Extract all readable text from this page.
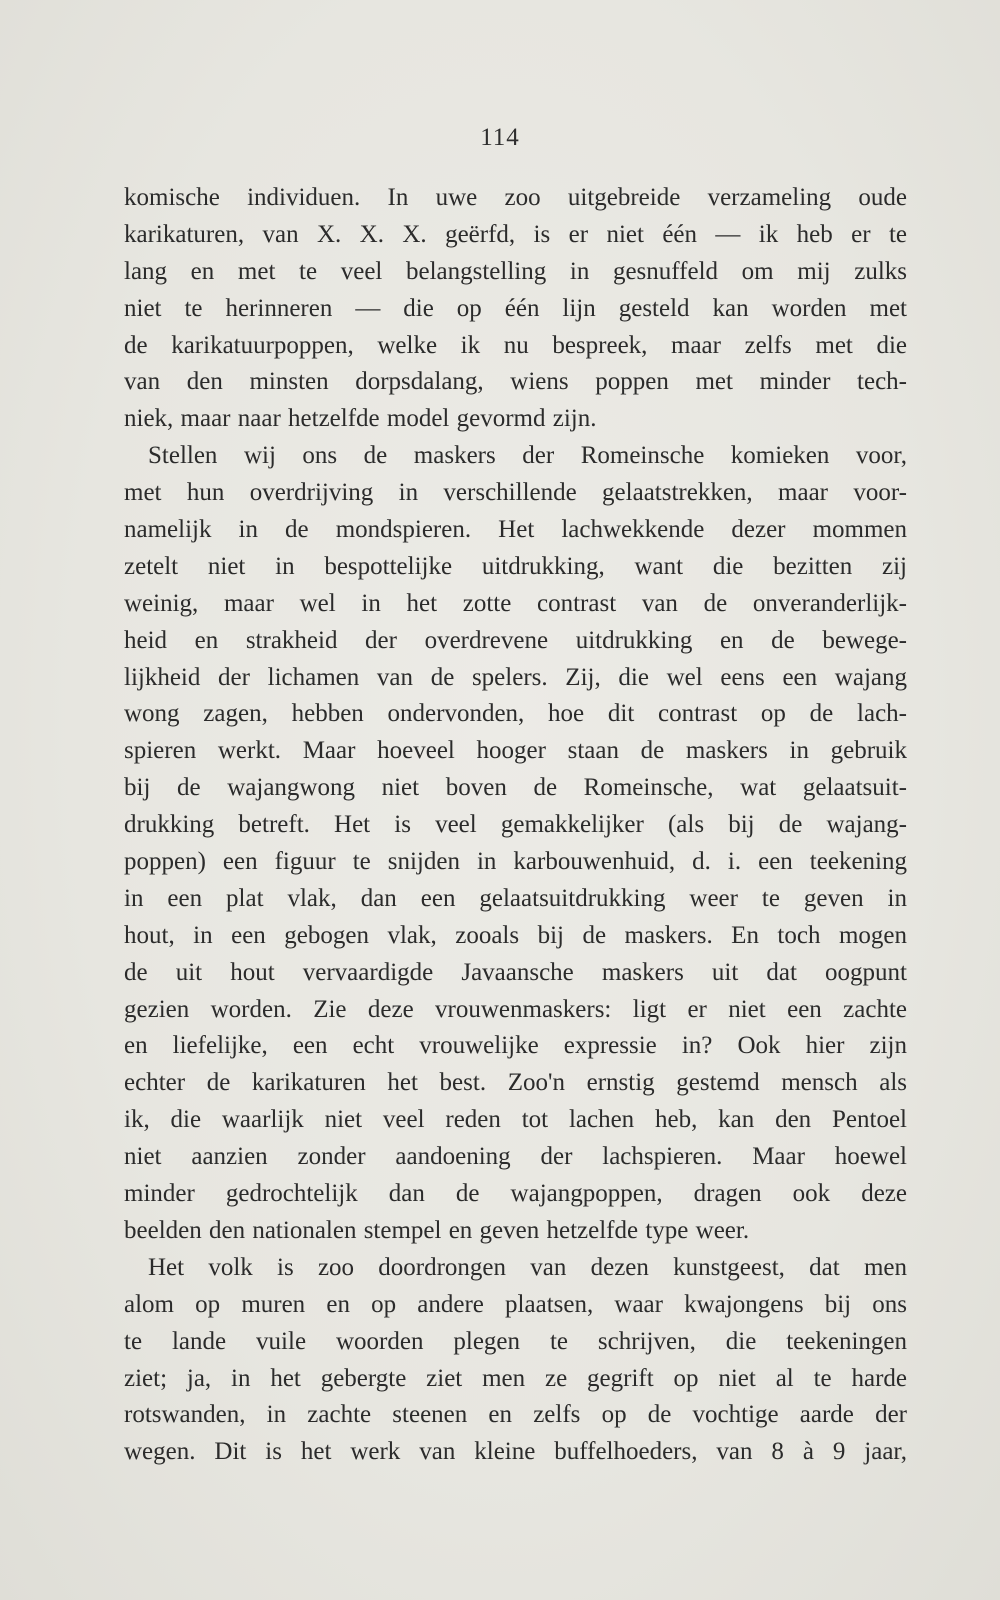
114
komische individuen. In uwe zoo uitgebreide verzameling oude
karikaturen, van X. X. X. geërfd, is er niet één — ik heb er te
lang en met te veel belangstelling in gesnuffeld om mij zulks
niet te herinneren — die op één lijn gesteld kan worden met
de karikatuurpoppen, welke ik nu bespreek, maar zelfs met die
van den minsten dorpsdalang, wiens poppen met minder tech-
niek, maar naar hetzelfde model gevormd zijn.
Stellen wij ons de maskers der Romeinsche komieken voor,
met hun overdrijving in verschillende gelaatstrekken, maar voor-
namelijk in de mondspieren. Het lachwekkende dezer mommen
zetelt niet in bespottelijke uitdrukking, want die bezitten zij
weinig, maar wel in het zotte contrast van de onveranderlijk-
heid en strakheid der overdrevene uitdrukking en de bewege-
lijkheid der lichamen van de spelers. Zij, die wel eens een wajang
wong zagen, hebben ondervonden, hoe dit contrast op de lach-
spieren werkt. Maar hoeveel hooger staan de maskers in gebruik
bij de wajangwong niet boven de Romeinsche, wat gelaatsuit-
drukking betreft. Het is veel gemakkelijker (als bij de wajang-
poppen) een figuur te snijden in karbouwenhuid, d. i. een teekening
in een plat vlak, dan een gelaatsuitdrukking weer te geven in
hout, in een gebogen vlak, zooals bij de maskers. En toch mogen
de uit hout vervaardigde Javaansche maskers uit dat oogpunt
gezien worden. Zie deze vrouwenmaskers: ligt er niet een zachte
en liefelijke, een echt vrouwelijke expressie in? Ook hier zijn
echter de karikaturen het best. Zoo'n ernstig gestemd mensch als
ik, die waarlijk niet veel reden tot lachen heb, kan den Pentoel
niet aanzien zonder aandoening der lachspieren. Maar hoewel
minder gedrochtelijk dan de wajangpoppen, dragen ook deze
beelden den nationalen stempel en geven hetzelfde type weer.
Het volk is zoo doordrongen van dezen kunstgeest, dat men
alom op muren en op andere plaatsen, waar kwajongens bij ons
te lande vuile woorden plegen te schrijven, die teekeningen
ziet; ja, in het gebergte ziet men ze gegrift op niet al te harde
rotswanden, in zachte steenen en zelfs op de vochtige aarde der
wegen. Dit is het werk van kleine buffelhoeders, van 8 à 9 jaar,
